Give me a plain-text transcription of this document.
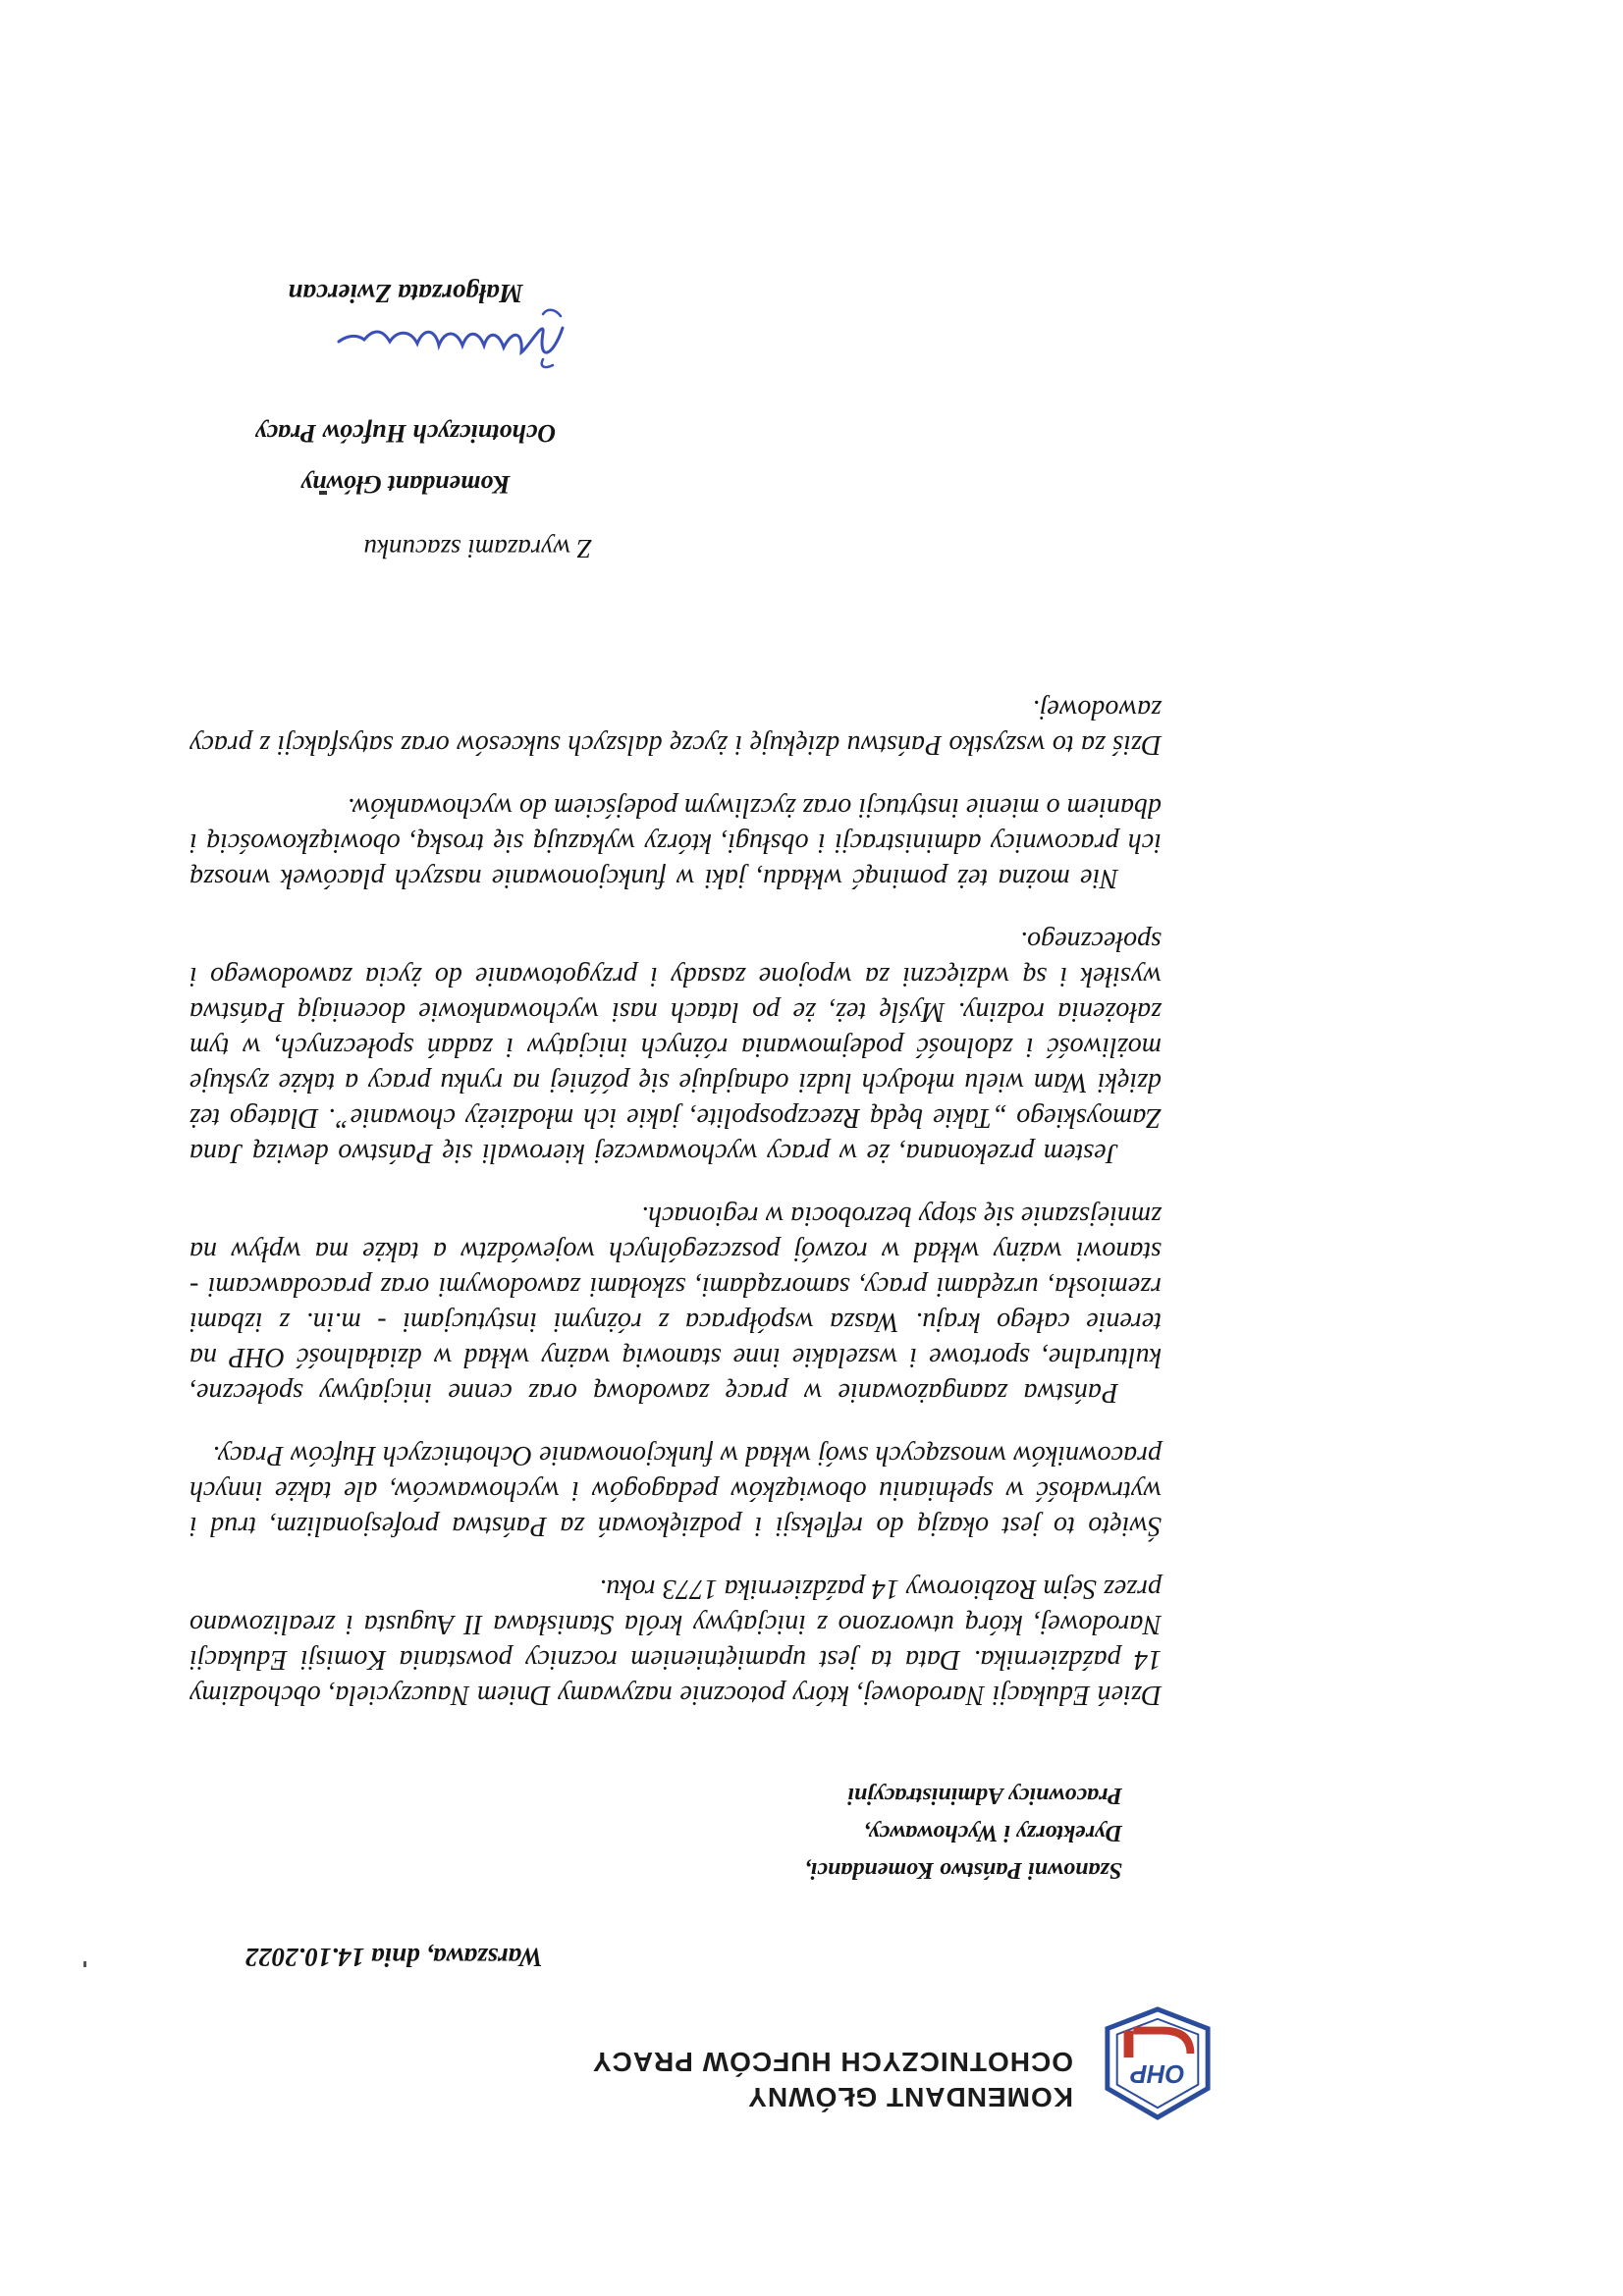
OHP
KOMENDANT GŁÓWNY
OCHOTNICZYCH HUFCÓW PRACY
Warszawa, dnia 14.10.2022
Szanowni Państwo Komendanci,
Dyrektorzy i Wychowawcy,
Pracownicy Administracyjni

Dzień Edukacji Narodowej, który potocznie nazywamy Dniem Nauczyciela, obchodzimy 14 października. Data ta jest upamiętnieniem rocznicy powstania Komisji Edukacji Narodowej, którą utworzono z inicjatywy króla Stanisława II Augusta i zrealizowano przez Sejm Rozbiorowy 14 października 1773 roku.

Święto to jest okazją do refleksji i podziękowań za Państwa profesjonalizm, trud i wytrwałość w spełnianiu obowiązków pedagogów i wychowawców, ale także innych pracowników wnoszących swój wkład w funkcjonowanie Ochotniczych Hufców Pracy.

Państwa zaangażowanie w pracę zawodową oraz cenne inicjatywy społeczne, kulturalne, sportowe i wszelakie inne stanowią ważny wkład w działalność OHP na terenie całego kraju. Wasza współpraca z różnymi instytucjami - m.in. z izbami rzemiosła, urzędami pracy, samorządami, szkołami zawodowymi oraz pracodawcami - stanowi ważny wkład w rozwój poszczególnych województw a także ma wpływ na zmniejszanie się stopy bezrobocia w regionach.

Jestem przekonana, że w pracy wychowawczej kierowali się Państwo dewizą Jana Zamoyskiego „Takie będą Rzeczpospolite, jakie ich młodzieży chowanie”. Dlatego też dzięki Wam wielu młodych ludzi odnajduje się później na rynku pracy a także zyskuje możliwość i zdolność podejmowania różnych inicjatyw i zadań społecznych, w tym założenia rodziny. Myślę też, że po latach nasi wychowankowie doceniają Państwa wysiłek i są wdzięczni za wpojone zasady i przygotowanie do życia zawodowego i społecznego.

Nie można też pominąć wkładu, jaki w funkcjonowanie naszych placówek wnoszą ich pracownicy administracji i obsługi, którzy wykazują się troską, obowiązkowością i dbaniem o mienie instytucji oraz życzliwym podejściem do wychowanków.

Dziś za to wszystko Państwu dziękuję i życzę dalszych sukcesów oraz satysfakcji z pracy zawodowej.

Z wyrazami szacunku
Komendant Główny
Ochotniczych Hufców Pracy
Małgorzata Zwiercan
